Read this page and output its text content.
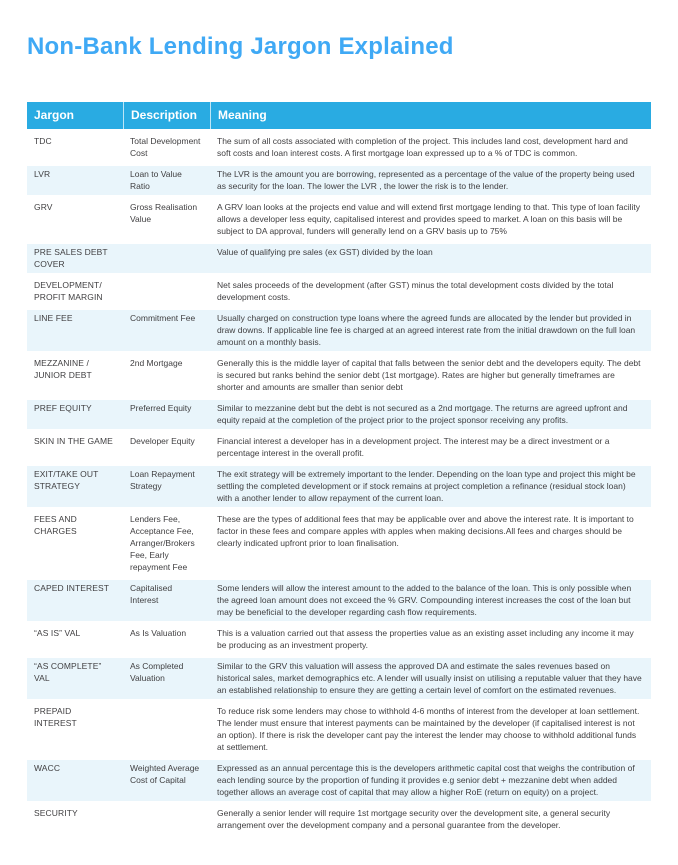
Non-Bank Lending Jargon Explained
Jargon	Description	Meaning
TDC	Total Development Cost	The sum of all costs associated with completion of the project. This includes land cost, development hard and soft costs and loan interest costs. A first mortgage loan expressed up to a % of TDC is common.
LVR	Loan to Value Ratio	The LVR is the amount you are borrowing, represented as a percentage of the value of the property being used as security for the loan. The lower the LVR , the lower the risk is to the lender.
GRV	Gross Realisation Value	A GRV loan looks at the projects end value and will extend first mortgage lending to that. This type of loan facility allows a developer less equity, capitalised interest and provides speed to market. A loan on this basis will be subject to DA approval, funders will generally lend on a GRV basis up to 75%
PRE SALES DEBT COVER		Value of qualifying pre sales (ex GST) divided by the loan
DEVELOPMENT/ PROFIT MARGIN		Net sales proceeds of the development (after GST) minus the total development costs divided by the total development costs.
LINE FEE	Commitment Fee	Usually charged on construction type loans where the agreed funds are allocated by the lender but provided in draw downs. If applicable line fee is charged at an agreed interest rate from the initial drawdown on the full loan amount on a monthly basis.
MEZZANINE / JUNIOR DEBT	2nd Mortgage	Generally this is the middle layer of capital that falls between the senior debt and the developers equity. The debt is secured but ranks behind the senior debt (1st mortgage). Rates are higher but generally timeframes are shorter and amounts are smaller than senior debt
PREF EQUITY	Preferred Equity	Similar to mezzanine debt but the debt is not secured as a 2nd mortgage. The returns are agreed upfront and equity repaid at the completion of the project prior to the project sponsor receiving any profits.
SKIN IN THE GAME	Developer Equity	Financial interest a developer has in a development project. The interest may be a direct investment or a percentage interest in the overall profit.
EXIT/TAKE OUT STRATEGY	Loan Repayment Strategy	The exit strategy will be extremely important to the lender. Depending on the loan type and project this might be settling the completed development or if stock remains at project completion a refinance (residual stock loan) with a another lender to allow repayment of the current loan.
FEES AND CHARGES	Lenders Fee, Acceptance Fee, Arranger/Brokers Fee, Early repayment Fee	These are the types of additional fees that may be applicable over and above the interest rate. It is important to factor in these fees and compare apples with apples when making decisions.All fees and charges should be clearly indicated upfront prior to loan finalisation.
CAPED INTEREST	Capitalised Interest	Some lenders will allow the interest amount to the added to the balance of the loan. This is only possible when the agreed loan amount does not exceed the % GRV. Compounding interest increases the cost of the loan but may be beneficial to the developer regarding cash flow requirements.
“AS IS” VAL	As Is Valuation	This is a valuation carried out that assess the properties value as an existing asset including any income it may be producing as an investment property.
“AS COMPLETE” VAL	As Completed Valuation	Similar to the GRV this valuation will assess the approved DA and estimate the sales revenues based on historical sales, market demographics etc. A lender will usually insist on utilising a reputable valuer that they have an established relationship to ensure they are getting a certain level of comfort on the estimated revenues.
PREPAID INTEREST		To reduce risk some lenders may chose to withhold 4-6 months of interest from the developer at loan settlement. The lender must ensure that interest payments can be maintained by the developer (if capitalised interest is not an option). If there is risk the developer cant pay the interest the lender may choose to withhold additional funds at settlement.
WACC	Weighted Average Cost of Capital	Expressed as an annual percentage this is the developers arithmetic capital cost that weighs the contribution of each lending source by the proportion of funding it provides e.g senior debt + mezzanine debt when added together allows an average cost of capital that may allow a higher RoE (return on equity) on a project.
SECURITY		Generally a senior lender will require 1st mortgage security over the development site, a general security arrangement over the development company and a personal guarantee from the developer.
